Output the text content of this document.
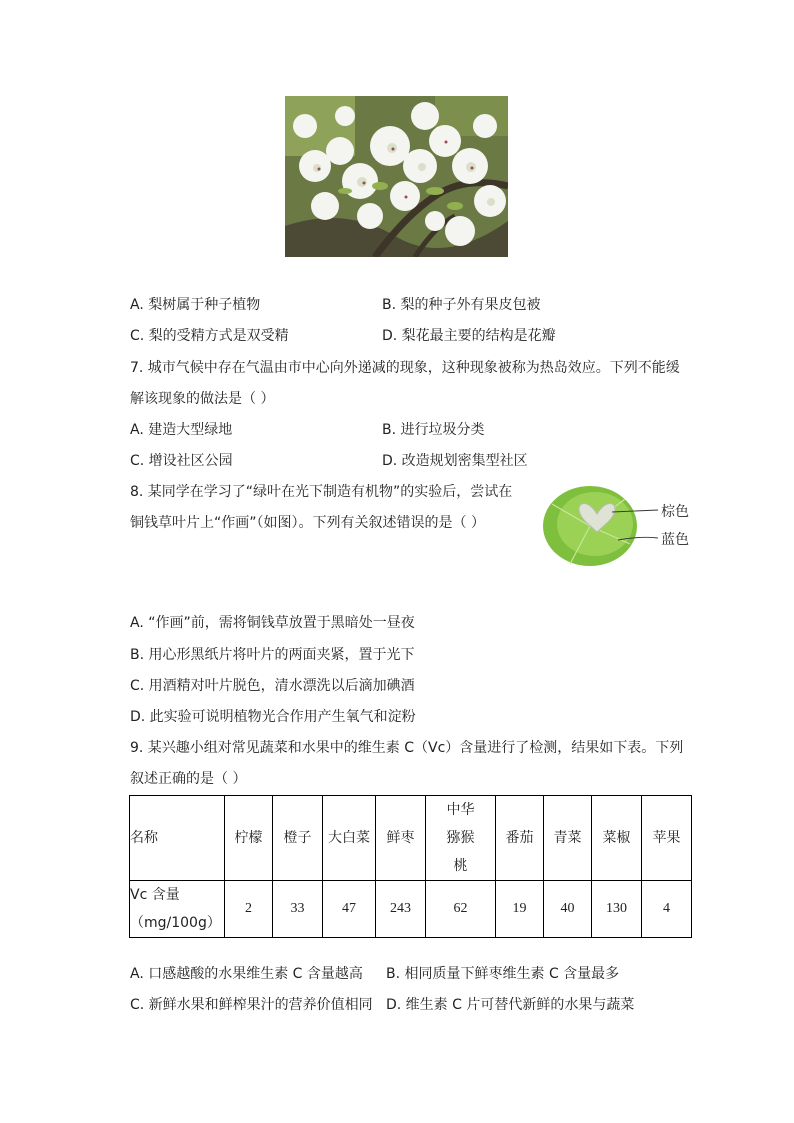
A. 梨树属于种子植物	B. 梨的种子外有果皮包被
C. 梨的受精方式是双受精	D. 梨花最主要的结构是花瓣
7. 城市气候中存在气温由市中心向外递减的现象，这种现象被称为热岛效应。下列不能缓
解该现象的做法是（ ）
A. 建造大型绿地	B. 进行垃圾分类
C. 增设社区公园	D. 改造规划密集型社区
8. 某同学在学习了“绿叶在光下制造有机物”的实验后，尝试在
铜钱草叶片上“作画”（如图）。下列有关叙述错误的是（ ）
棕色
蓝色
A. “作画”前，需将铜钱草放置于黑暗处一昼夜
B. 用心形黑纸片将叶片的两面夹紧，置于光下
C. 用酒精对叶片脱色，清水漂洗以后滴加碘酒
D. 此实验可说明植物光合作用产生氧气和淀粉
9. 某兴趣小组对常见蔬菜和水果中的维生素 C（Vc）含量进行了检测，结果如下表。下列
叙述正确的是（ ）
名称	柠檬	橙子	大白菜	鲜枣	中华猕猴桃	番茄	青菜	菜椒	苹果

Vc 含量
（mg/100g）	2	33	47	243	62	19	40	130	4
A. 口感越酸的水果维生素 C 含量越高 B. 相同质量下鲜枣维生素 C 含量最多
C. 新鲜水果和鲜榨果汁的营养价值相同 D. 维生素 C 片可替代新鲜的水果与蔬菜
